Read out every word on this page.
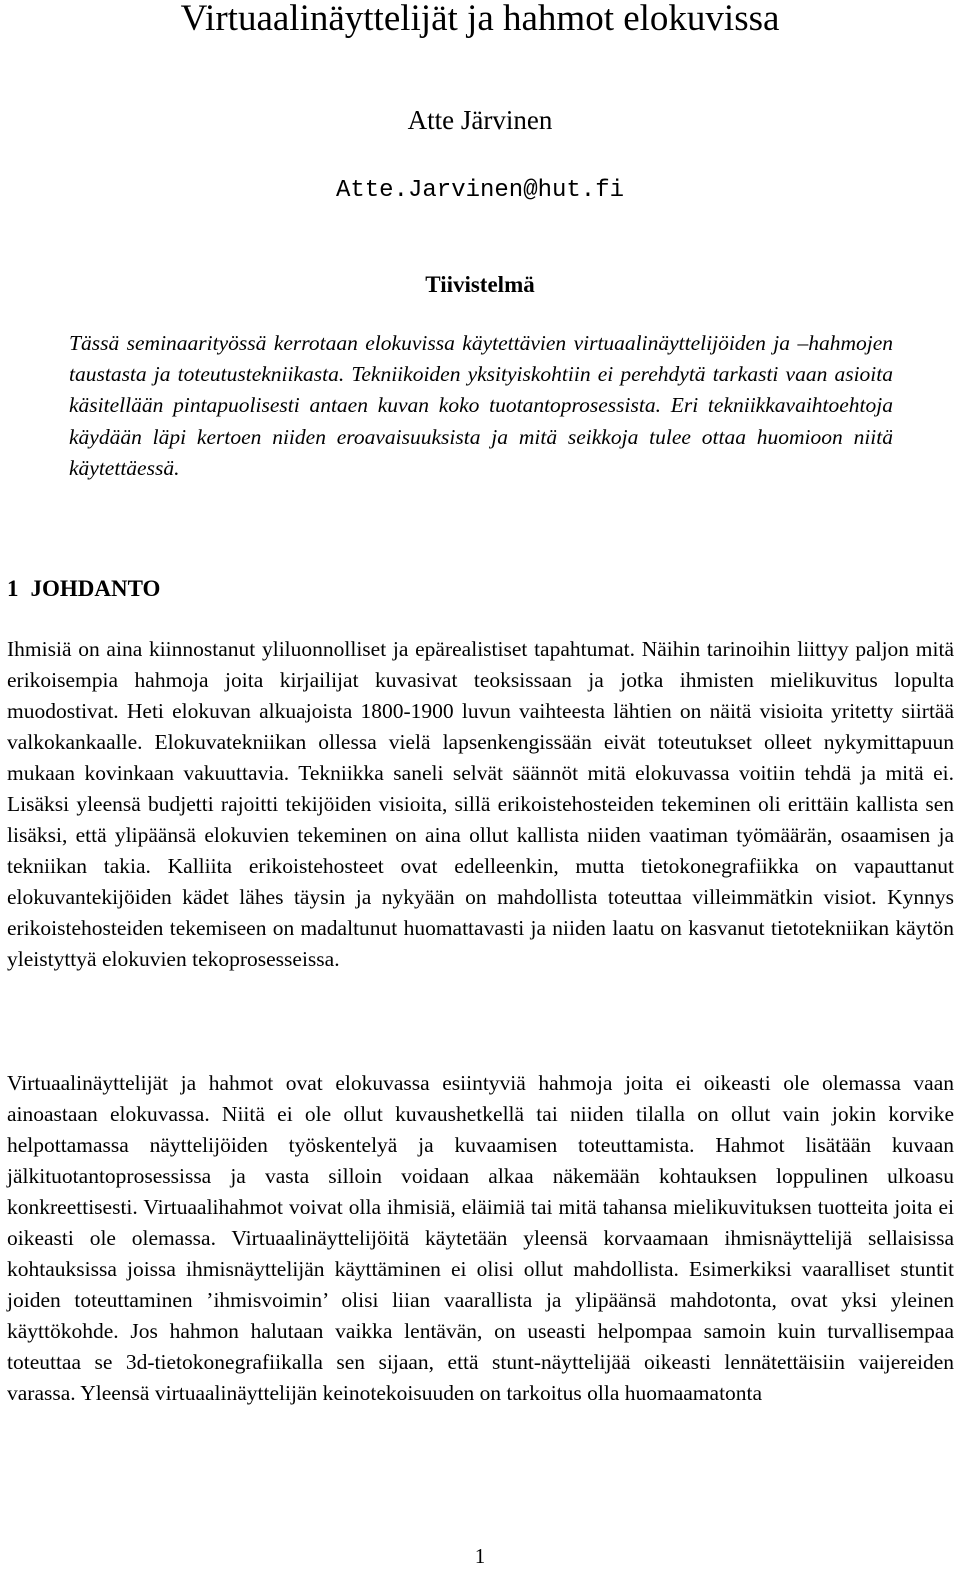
Virtuaalinäyttelijät ja hahmot elokuvissa
Atte Järvinen
Atte.Jarvinen@hut.fi
Tiivistelmä

Tässä seminaarityössä kerrotaan elokuvissa käytettävien virtuaalinäyttelijöiden ja –hahmojen taustasta ja toteutustekniikasta. Tekniikoiden yksityiskohtiin ei perehdytä tarkasti vaan asioita käsitellään pintapuolisesti antaen kuvan koko tuotantoprosessista. Eri tekniikkavaihtoehtoja käydään läpi kertoen niiden eroavaisuuksista ja mitä seikkoja tulee ottaa huomioon niitä käytettäessä.

1 JOHDANTO

Ihmisiä on aina kiinnostanut yliluonnolliset ja epärealistiset tapahtumat. Näihin tarinoihin liittyy paljon mitä erikoisempia hahmoja joita kirjailijat kuvasivat teoksissaan ja jotka ihmisten mielikuvitus lopulta muodostivat. Heti elokuvan alkuajoista 1800-1900 luvun vaihteesta lähtien on näitä visioita yritetty siirtää valkokankaalle. Elokuvatekniikan ollessa vielä lapsenkengissään eivät toteutukset olleet nykymittapuun mukaan kovinkaan vakuuttavia. Tekniikka saneli selvät säännöt mitä elokuvassa voitiin tehdä ja mitä ei. Lisäksi yleensä budjetti rajoitti tekijöiden visioita, sillä erikoistehosteiden tekeminen oli erittäin kallista sen lisäksi, että ylipäänsä elokuvien tekeminen on aina ollut kallista niiden vaatiman työmäärän, osaamisen ja tekniikan takia. Kalliita erikoistehosteet ovat edelleenkin, mutta tietokonegrafiikka on vapauttanut elokuvantekijöiden kädet lähes täysin ja nykyään on mahdollista toteuttaa villeimmätkin visiot. Kynnys erikoistehosteiden tekemiseen on madaltunut huomattavasti ja niiden laatu on kasvanut tietotekniikan käytön yleistyttyä elokuvien tekoprosesseissa.

Virtuaalinäyttelijät ja hahmot ovat elokuvassa esiintyviä hahmoja joita ei oikeasti ole olemassa vaan ainoastaan elokuvassa. Niitä ei ole ollut kuvaushetkellä tai niiden tilalla on ollut vain jokin korvike helpottamassa näyttelijöiden työskentelyä ja kuvaamisen toteuttamista. Hahmot lisätään kuvaan jälkituotantoprosessissa ja vasta silloin voidaan alkaa näkemään kohtauksen loppulinen ulkoasu konkreettisesti. Virtuaalihahmot voivat olla ihmisiä, eläimiä tai mitä tahansa mielikuvituksen tuotteita joita ei oikeasti ole olemassa. Virtuaalinäyttelijöitä käytetään yleensä korvaamaan ihmisnäyttelijä sellaisissa kohtauksissa joissa ihmisnäyttelijän käyttäminen ei olisi ollut mahdollista. Esimerkiksi vaaralliset stuntit joiden toteuttaminen ’ihmisvoimin’ olisi liian vaarallista ja ylipäänsä mahdotonta, ovat yksi yleinen käyttökohde. Jos hahmon halutaan vaikka lentävän, on useasti helpompaa samoin kuin turvallisempaa toteuttaa se 3d-tietokonegrafiikalla sen sijaan, että stunt-näyttelijää oikeasti lennätettäisiin vaijereiden varassa. Yleensä virtuaalinäyttelijän keinotekoisuuden on tarkoitus olla huomaamatonta

1
